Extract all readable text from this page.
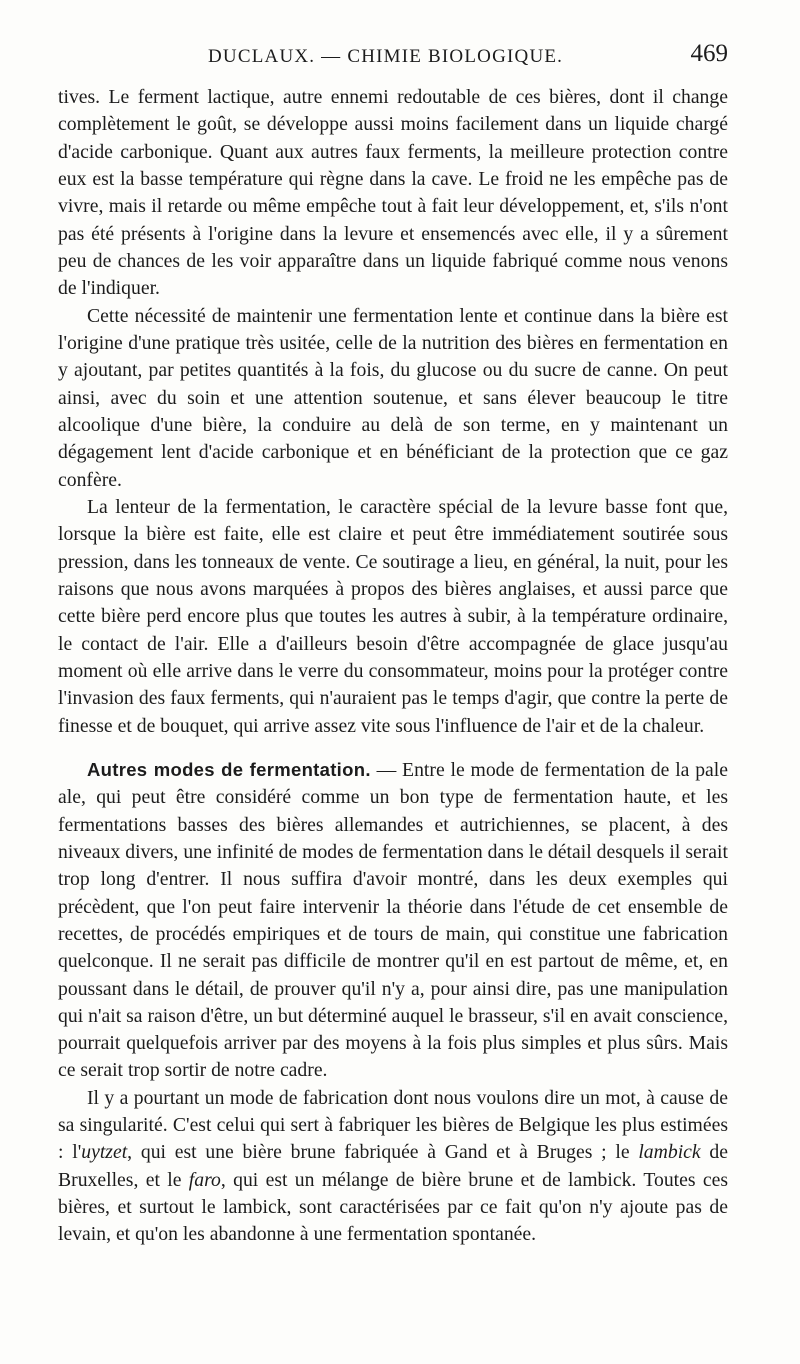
DUCLAUX. — CHIMIE BIOLOGIQUE.	469

tives. Le ferment lactique, autre ennemi redoutable de ces bières, dont il change complètement le goût, se développe aussi moins facilement dans un liquide chargé d'acide carbonique. Quant aux autres faux ferments, la meilleure protection contre eux est la basse température qui règne dans la cave. Le froid ne les empêche pas de vivre, mais il retarde ou même empêche tout à fait leur développement, et, s'ils n'ont pas été présents à l'origine dans la levure et ensemencés avec elle, il y a sûrement peu de chances de les voir apparaître dans un liquide fabriqué comme nous venons de l'indiquer.

Cette nécessité de maintenir une fermentation lente et continue dans la bière est l'origine d'une pratique très usitée, celle de la nutrition des bières en fermentation en y ajoutant, par petites quantités à la fois, du glucose ou du sucre de canne. On peut ainsi, avec du soin et une attention soutenue, et sans élever beaucoup le titre alcoolique d'une bière, la conduire au delà de son terme, en y maintenant un dégagement lent d'acide carbonique et en bénéficiant de la protection que ce gaz confère.

La lenteur de la fermentation, le caractère spécial de la levure basse font que, lorsque la bière est faite, elle est claire et peut être immédiatement soutirée sous pression, dans les tonneaux de vente. Ce soutirage a lieu, en général, la nuit, pour les raisons que nous avons marquées à propos des bières anglaises, et aussi parce que cette bière perd encore plus que toutes les autres à subir, à la température ordinaire, le contact de l'air. Elle a d'ailleurs besoin d'être accompagnée de glace jusqu'au moment où elle arrive dans le verre du consommateur, moins pour la protéger contre l'invasion des faux ferments, qui n'auraient pas le temps d'agir, que contre la perte de finesse et de bouquet, qui arrive assez vite sous l'influence de l'air et de la chaleur.

Autres modes de fermentation. — Entre le mode de fermentation de la pale ale, qui peut être considéré comme un bon type de fermentation haute, et les fermentations basses des bières allemandes et autrichiennes, se placent, à des niveaux divers, une infinité de modes de fermentation dans le détail desquels il serait trop long d'entrer. Il nous suffira d'avoir montré, dans les deux exemples qui précèdent, que l'on peut faire intervenir la théorie dans l'étude de cet ensemble de recettes, de procédés empiriques et de tours de main, qui constitue une fabrication quelconque. Il ne serait pas difficile de montrer qu'il en est partout de même, et, en poussant dans le détail, de prouver qu'il n'y a, pour ainsi dire, pas une manipulation qui n'ait sa raison d'être, un but déterminé auquel le brasseur, s'il en avait conscience, pourrait quelquefois arriver par des moyens à la fois plus simples et plus sûrs. Mais ce serait trop sortir de notre cadre.

Il y a pourtant un mode de fabrication dont nous voulons dire un mot, à cause de sa singularité. C'est celui qui sert à fabriquer les bières de Belgique les plus estimées : l'uytzet, qui est une bière brune fabriquée à Gand et à Bruges ; le lambick de Bruxelles, et le faro, qui est un mélange de bière brune et de lambick. Toutes ces bières, et surtout le lambick, sont caractérisées par ce fait qu'on n'y ajoute pas de levain, et qu'on les abandonne à une fermentation spontanée.
